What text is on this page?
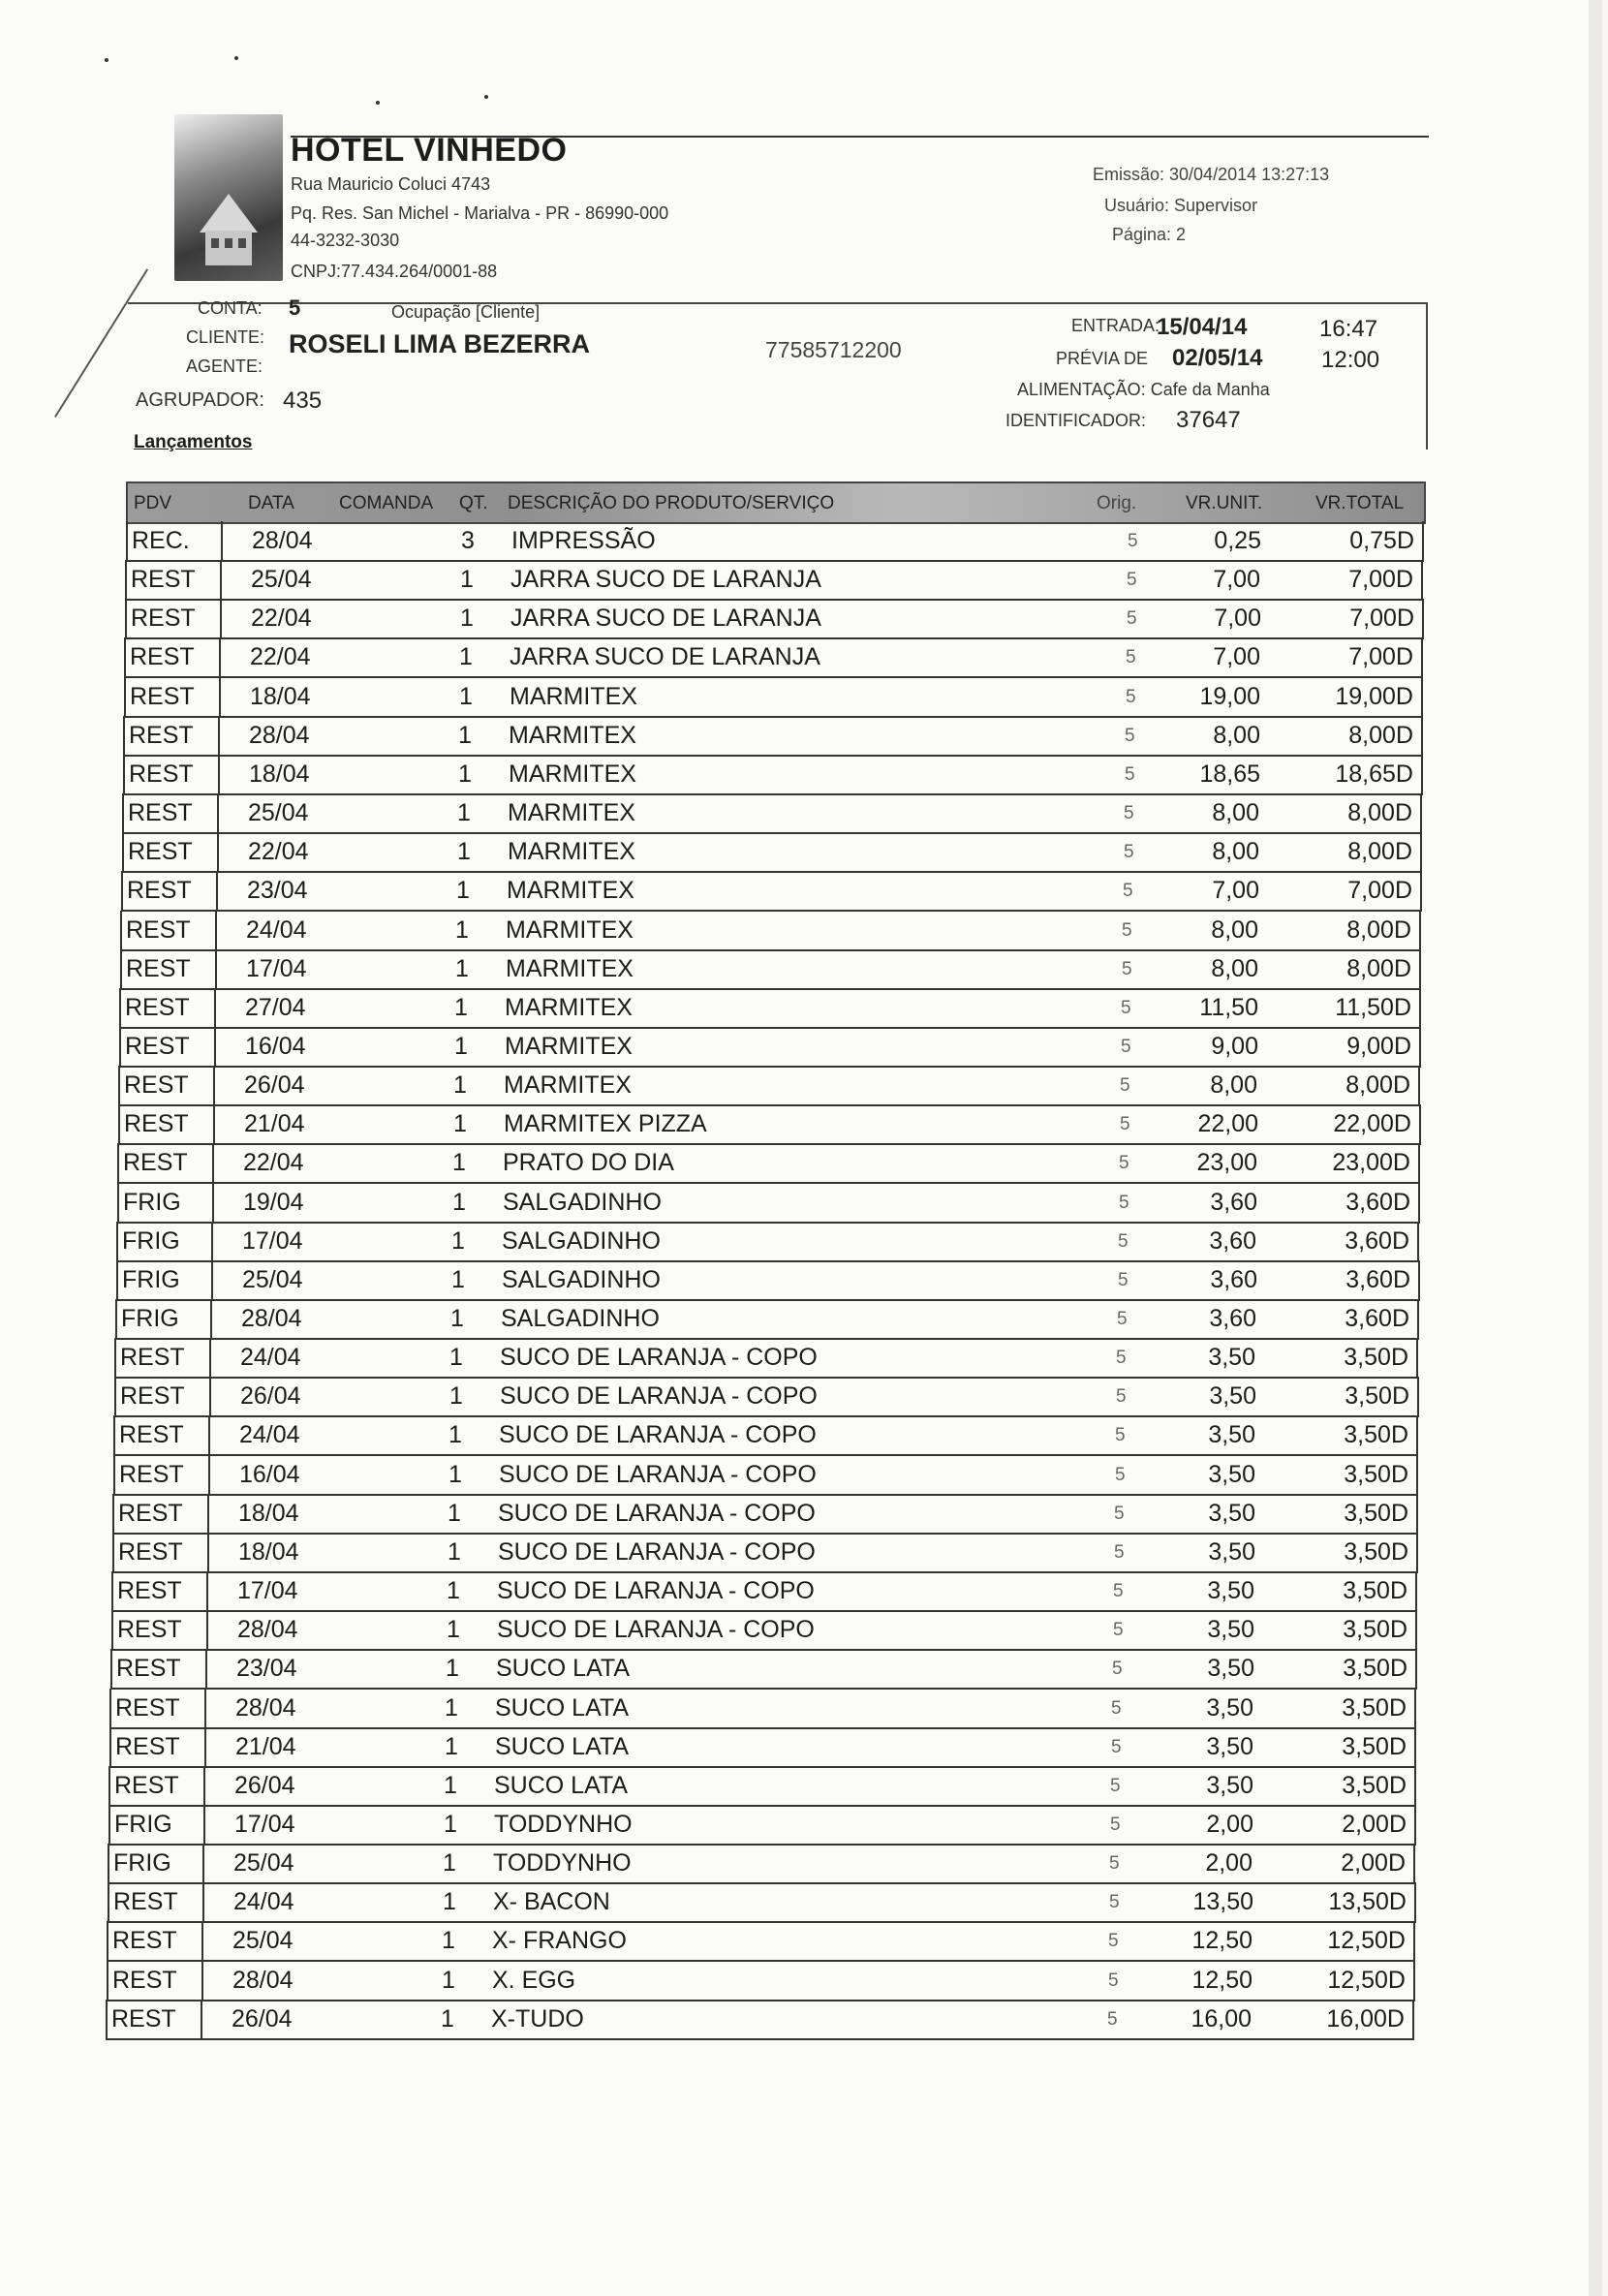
HOTEL VINHEDO
Rua Mauricio Coluci 4743
Pq. Res. San Michel - Marialva - PR - 86990-000
44-3232-3030
CNPJ:77.434.264/0001-88
Emissão: 30/04/2014 13:27:13
Usuário: Supervisor
Página: 2
CONTA: 5	Ocupação [Cliente]
CLIENTE: ROSELI LIMA BEZERRA	77585712200
AGENTE:
AGRUPADOR: 435
ENTRADA:
15/04/14	16:47
PRÉVIA DE 02/05/14	12:00
ALIMENTAÇÃO: Cafe da Manha
IDENTIFICADOR: 37647
Lançamentos
PDV	DATA COMANDA QT. DESCRIÇÃO DO PRODUTO/SERVIÇO	Orig.	VR.UNIT.	VR.TOTAL
REC.	28/04	3 IMPRESSÃO	5	0,25	0,75D
REST 25/04	1 JARRA SUCO DE LARANJA	5	7,00	7,00D
REST 22/04	1 JARRA SUCO DE LARANJA	5	7,00	7,00D
REST 22/04	1 JARRA SUCO DE LARANJA	5	7,00	7,00D
REST 18/04	1 MARMITEX	5	19,00	19,00D
REST 28/04	1 MARMITEX	5	8,00	8,00D
REST 18/04	1 MARMITEX	5	18,65	18,65D
REST 25/04	1 MARMITEX	5	8,00	8,00D
REST 22/04	1 MARMITEX	5	8,00	8,00D
REST 23/04	1 MARMITEX	5	7,00	7,00D
REST 24/04	1 MARMITEX	5	8,00	8,00D
REST 17/04	1 MARMITEX	5	8,00	8,00D
REST 27/04	1 MARMITEX	5	11,50	11,50D
REST 16/04	1 MARMITEX	5	9,00	9,00D
REST 26/04	1 MARMITEX	5	8,00	8,00D
REST 21/04	1 MARMITEX PIZZA	5	22,00	22,00D
REST 22/04	1 PRATO DO DIA	5	23,00	23,00D
FRIG	19/04	1 SALGADINHO	5	3,60	3,60D
FRIG	17/04	1 SALGADINHO	5	3,60	3,60D
FRIG	25/04	1 SALGADINHO	5	3,60	3,60D
FRIG	28/04	1 SALGADINHO	5	3,60	3,60D
REST 24/04	1 SUCO DE LARANJA - COPO	5	3,50	3,50D
REST 26/04	1 SUCO DE LARANJA - COPO	5	3,50	3,50D
REST 24/04	1 SUCO DE LARANJA - COPO	5	3,50	3,50D
REST 16/04	1 SUCO DE LARANJA - COPO	5	3,50	3,50D
REST 18/04	1 SUCO DE LARANJA - COPO	5	3,50	3,50D
REST 18/04	1 SUCO DE LARANJA - COPO	5	3,50	3,50D
REST 17/04	1 SUCO DE LARANJA - COPO	5	3,50	3,50D
REST 28/04	1 SUCO DE LARANJA - COPO	5	3,50	3,50D
REST 23/04	1 SUCO LATA	5	3,50	3,50D
REST 28/04	1 SUCO LATA	5	3,50	3,50D
REST 21/04	1 SUCO LATA	5	3,50	3,50D
REST 26/04	1 SUCO LATA	5	3,50	3,50D
FRIG	17/04	1 TODDYNHO	5	2,00	2,00D
FRIG	25/04	1 TODDYNHO	5	2,00	2,00D
REST 24/04	1 X- BACON	5	13,50	13,50D
REST 25/04	1 X- FRANGO	5	12,50	12,50D
REST 28/04	1 X. EGG	5	12,50	12,50D
REST 26/04	1 X-TUDO	5	16,00	16,00D
